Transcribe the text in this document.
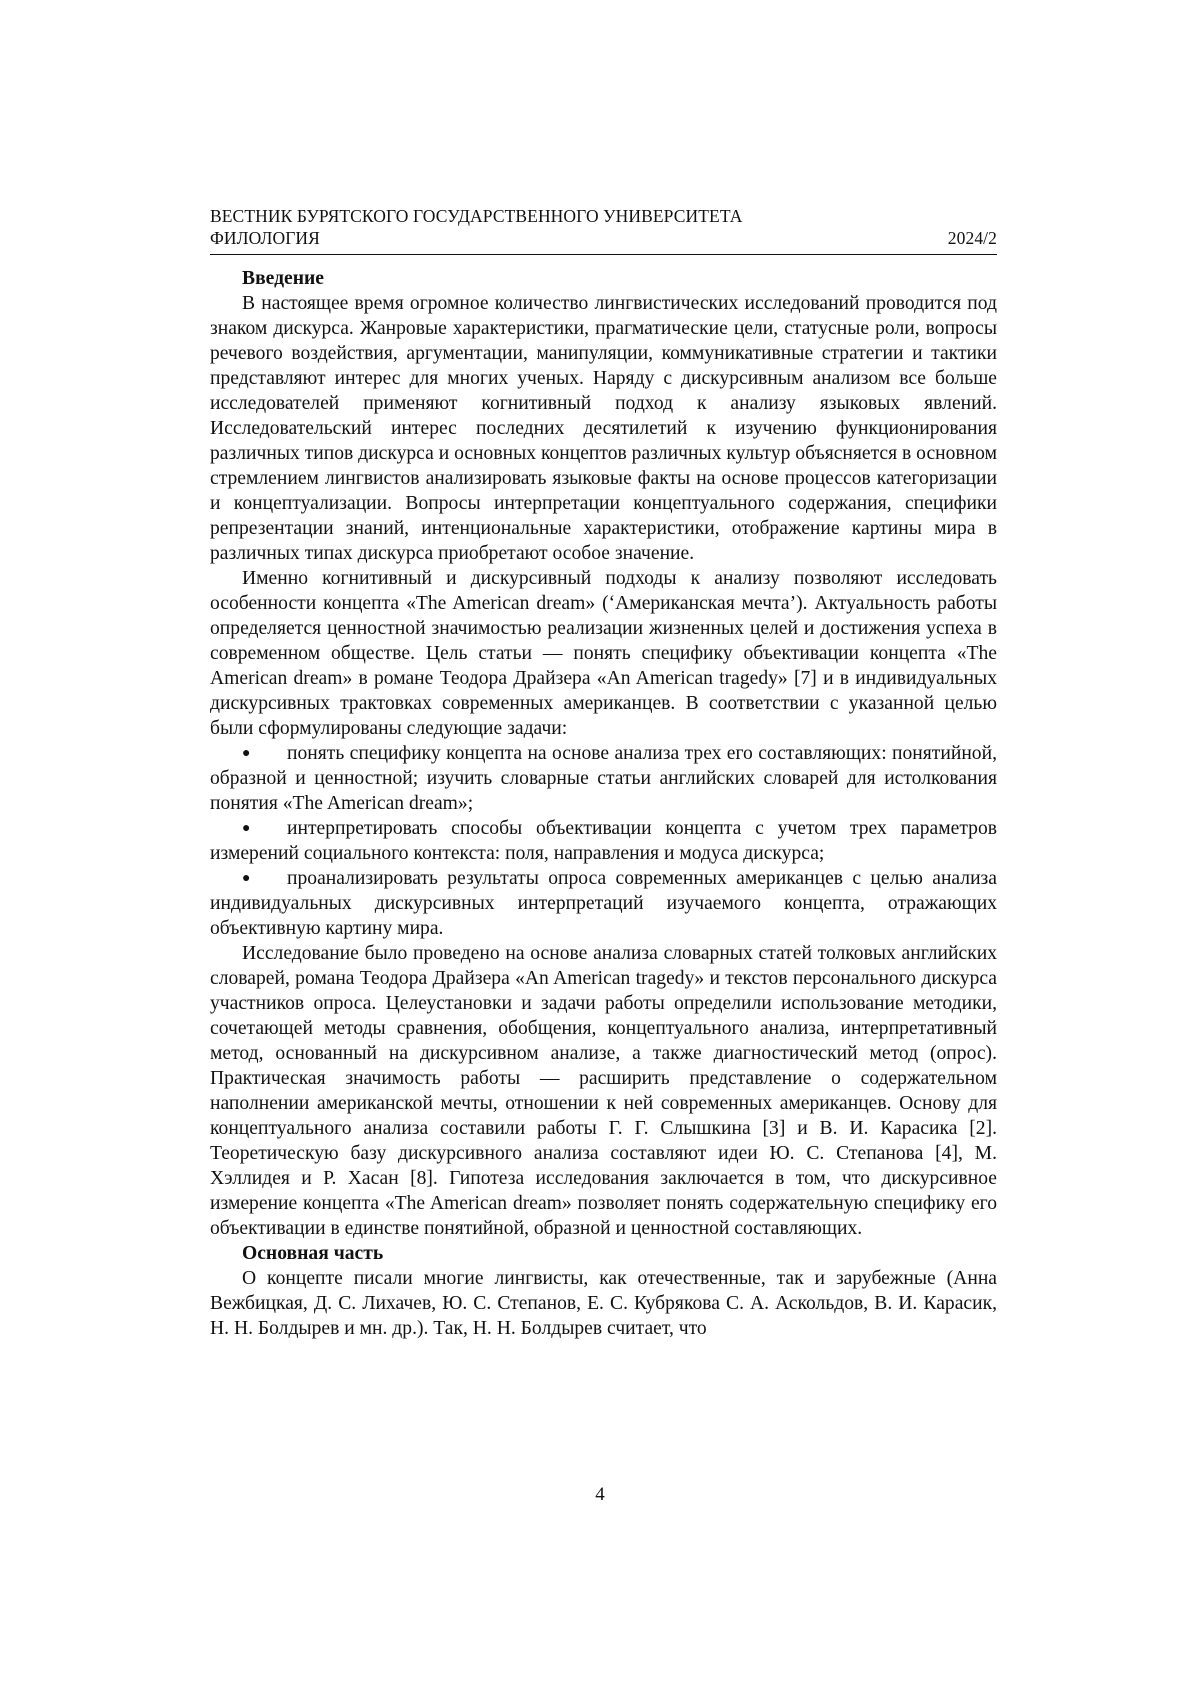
ВЕСТНИК БУРЯТСКОГО ГОСУДАРСТВЕННОГО УНИВЕРСИТЕТА
ФИЛОЛОГИЯ	2024/2
Введение

В настоящее время огромное количество лингвистических исследований проводится под знаком дискурса. Жанровые характеристики, прагматические цели, статусные роли, вопросы речевого воздействия, аргументации, манипуляции, коммуникативные стратегии и тактики представляют интерес для многих ученых. Наряду с дискурсивным анализом все больше исследователей применяют когнитивный подход к анализу языковых явлений. Исследовательский интерес последних десятилетий к изучению функционирования различных типов дискурса и основных концептов различных культур объясняется в основном стремлением лингвистов анализировать языковые факты на основе процессов категоризации и концептуализации. Вопросы интерпретации концептуального содержания, специфики репрезентации знаний, интенциональные характеристики, отображение картины мира в различных типах дискурса приобретают особое значение.

Именно когнитивный и дискурсивный подходы к анализу позволяют исследовать особенности концепта «The American dream» (‘Американская мечта’). Актуальность работы определяется ценностной значимостью реализации жизненных целей и достижения успеха в современном обществе. Цель статьи — понять специфику объективации концепта «The American dream» в романе Теодора Драйзера «An American tragedy» [7] и в индивидуальных дискурсивных трактовках современных американцев. В соответствии с указанной целью были сформулированы следующие задачи:

● понять специфику концепта на основе анализа трех его составляющих: понятийной, образной и ценностной; изучить словарные статьи английских словарей для истолкования понятия «The American dream»;
● интерпретировать способы объективации концепта с учетом трех параметров измерений социального контекста: поля, направления и модуса дискурса;
● проанализировать результаты опроса современных американцев с целью анализа индивидуальных дискурсивных интерпретаций изучаемого концепта, отражающих объективную картину мира.

Исследование было проведено на основе анализа словарных статей толковых английских словарей, романа Теодора Драйзера «An American tragedy» и текстов персонального дискурса участников опроса. Целеустановки и задачи работы определили использование методики, сочетающей методы сравнения, обобщения, концептуального анализа, интерпретативный метод, основанный на дискурсивном анализе, а также диагностический метод (опрос). Практическая значимость работы — расширить представление о содержательном наполнении американской мечты, отношении к ней современных американцев. Основу для концептуального анализа составили работы Г. Г. Слышкина [3] и В. И. Карасика [2]. Теоретическую базу дискурсивного анализа составляют идеи Ю. С. Степанова [4], М. Хэллидея и Р. Хасан [8]. Гипотеза исследования заключается в том, что дискурсивное измерение концепта «The American dream» позволяет понять содержательную специфику его объективации в единстве понятийной, образной и ценностной составляющих.

Основная часть

О концепте писали многие лингвисты, как отечественные, так и зарубежные (Анна Вежбицкая, Д. С. Лихачев, Ю. С. Степанов, Е. С. Кубрякова С. А. Аскольдов, В. И. Карасик, Н. Н. Болдырев и мн. др.). Так, Н. Н. Болдырев считает, что

4
